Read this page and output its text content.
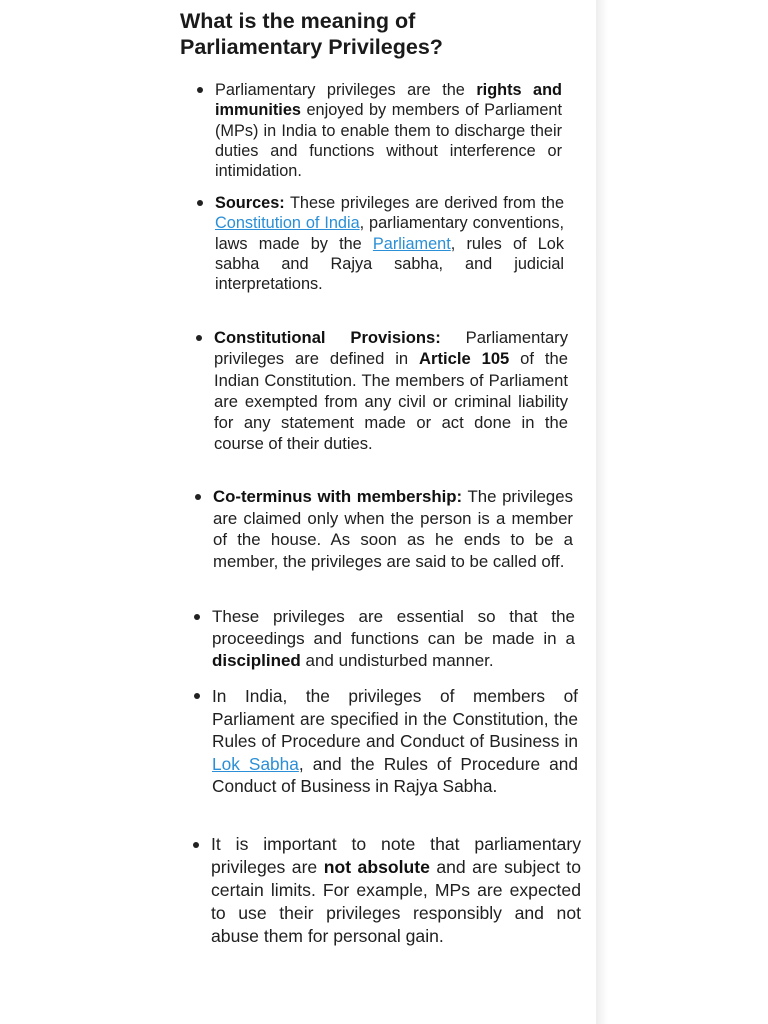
What is the meaning of
Parliamentary Privileges?
Parliamentary privileges are the rights and immunities enjoyed by members of Parliament (MPs) in India to enable them to discharge their duties and functions without interference or intimidation.
Sources: These privileges are derived from the Constitution of India, parliamentary conventions, laws made by the Parliament, rules of Lok sabha and Rajya sabha, and judicial interpretations.
Constitutional Provisions: Parliamentary privileges are defined in Article 105 of the Indian Constitution. The members of Parliament are exempted from any civil or criminal liability for any statement made or act done in the course of their duties.
Co-terminus with membership: The privileges are claimed only when the person is a member of the house. As soon as he ends to be a member, the privileges are said to be called off.
These privileges are essential so that the proceedings and functions can be made in a disciplined and undisturbed manner.
In India, the privileges of members of Parliament are specified in the Constitution, the Rules of Procedure and Conduct of Business in Lok Sabha, and the Rules of Procedure and Conduct of Business in Rajya Sabha.
It is important to note that parliamentary privileges are not absolute and are subject to certain limits. For example, MPs are expected to use their privileges responsibly and not abuse them for personal gain.
